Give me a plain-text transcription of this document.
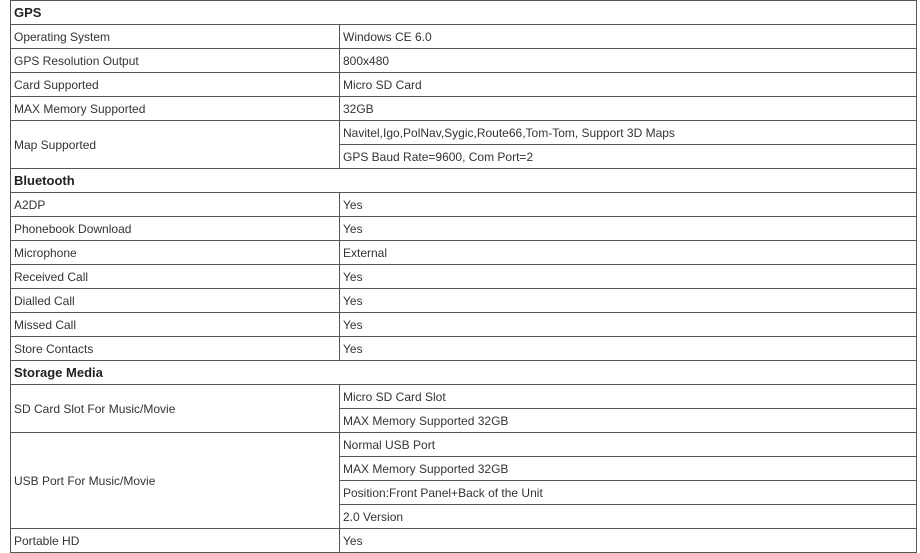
GPS	
Operating System	Windows CE 6.0
GPS Resolution Output	800x480
Card Supported	Micro SD Card
MAX Memory Supported	32GB
Map Supported	Navitel,Igo,PolNav,Sygic,Route66,Tom-Tom, Support 3D Maps
	GPS Baud Rate=9600, Com Port=2
Bluetooth	
A2DP	Yes
Phonebook Download	Yes
Microphone	External
Received Call	Yes
Dialled Call	Yes
Missed Call	Yes
Store Contacts	Yes
Storage Media	
SD Card Slot For Music/Movie	Micro SD Card Slot
	MAX Memory Supported 32GB
USB Port For Music/Movie	Normal USB Port
	MAX Memory Supported 32GB
	Position:Front Panel+Back of the Unit
	2.0 Version
Portable HD	Yes
